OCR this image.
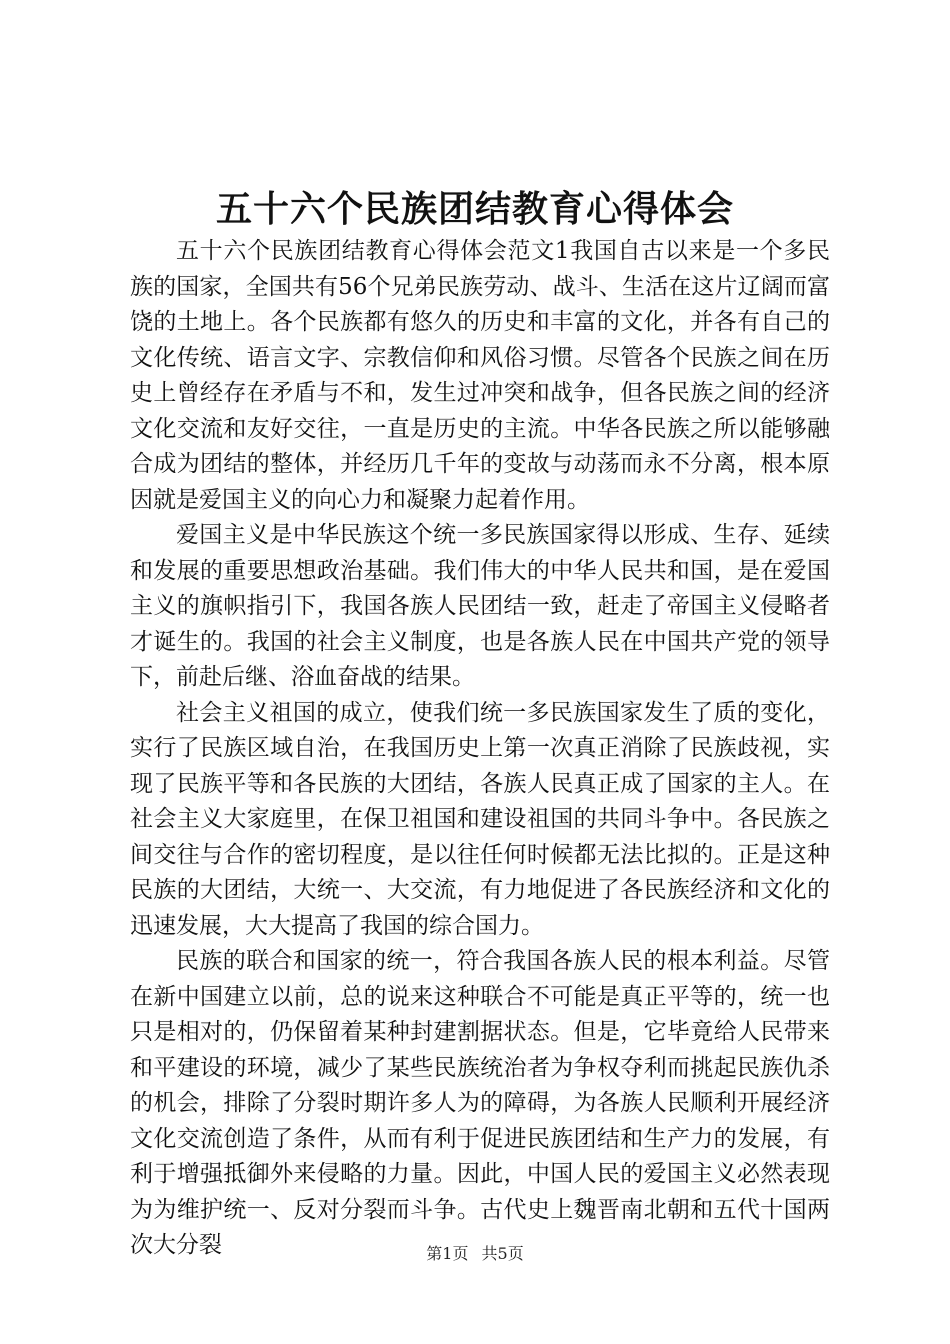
五十六个民族团结教育心得体会

五十六个民族团结教育心得体会范文1我国自古以来是一个多民族的国家，全国共有56个兄弟民族劳动、战斗、生活在这片辽阔而富饶的土地上。各个民族都有悠久的历史和丰富的文化，并各有自己的文化传统、语言文字、宗教信仰和风俗习惯。尽管各个民族之间在历史上曾经存在矛盾与不和，发生过冲突和战争，但各民族之间的经济文化交流和友好交往，一直是历史的主流。中华各民族之所以能够融合成为团结的整体，并经历几千年的变故与动荡而永不分离，根本原因就是爱国主义的向心力和凝聚力起着作用。

爱国主义是中华民族这个统一多民族国家得以形成、生存、延续和发展的重要思想政治基础。我们伟大的中华人民共和国，是在爱国主义的旗帜指引下，我国各族人民团结一致，赶走了帝国主义侵略者才诞生的。我国的社会主义制度，也是各族人民在中国共产党的领导下，前赴后继、浴血奋战的结果。

社会主义祖国的成立，使我们统一多民族国家发生了质的变化，实行了民族区域自治，在我国历史上第一次真正消除了民族歧视，实现了民族平等和各民族的大团结，各族人民真正成了国家的主人。在社会主义大家庭里，在保卫祖国和建设祖国的共同斗争中。各民族之间交往与合作的密切程度，是以往任何时候都无法比拟的。正是这种民族的大团结，大统一、大交流，有力地促进了各民族经济和文化的迅速发展，大大提高了我国的综合国力。

民族的联合和国家的统一，符合我国各族人民的根本利益。尽管在新中国建立以前，总的说来这种联合不可能是真正平等的，统一也只是相对的，仍保留着某种封建割据状态。但是，它毕竟给人民带来和平建设的环境，减少了某些民族统治者为争权夺利而挑起民族仇杀的机会，排除了分裂时期许多人为的障碍，为各族人民顺利开展经济文化交流创造了条件，从而有利于促进民族团结和生产力的发展，有利于增强抵御外来侵略的力量。因此，中国人民的爱国主义必然表现为为维护统一、反对分裂而斗争。古代史上魏晋南北朝和五代十国两次大分裂	第1页 共5页
